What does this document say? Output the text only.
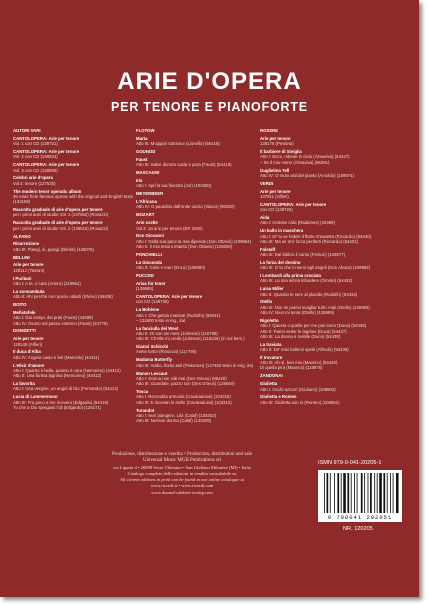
ARIE D'OPERA
PER TENORE E PIANOFORTE
AUTORI VARI
CANTOLOPERA: Arie per tenore
Vol. 1 con CD (138731)
CANTOLOPERA: Arie per tenore
Vol. 2 con CD (138824)
CANTOLOPERA: Arie per tenore
Vol. 3 con CD (138905)
Celebri arie d'opera
Vol.4: tenore (127535)
The modern tenor operatic album
35 Arias from famous operas with the original and English texts (133159)
Raccolta graduale di arie d'opera per tenore
per i primi anni di studio Vol. 1 (137652) (Rovazzi)
Raccolta graduale di arie d'opera per tenore
per i primi anni di studio Vol. 2 (138015) (Rovazzi)
ALFANO
Risurrezione
Atto III: Piangi, sì, piangi (Dimitri) (129076)
BELLINI
Arie per tenore
128112 (Tassini)
I Puritani
Atto I: A te, o cara (Arturo) (119964)
La sonnambula
Atto II: Ah! perchè non posso odiarti (Elvino) (56408)
BOITO
Mefistofele
Atto I: Dai campi, dai prati (Faust) (44698)
Atto IV: Giunto sul passo estremo (Faust) (44776)
DONIZETTI
Arie per tenore
128149 (Alfieri)
Il duca d'Alba
Atto IV: Angelo casto e bel (Marcello) (44411)
L'elisir d'amore
Atto I: Quanto è bella, quanto è cara (Nemorino) (44412)
Atto II: Una furtiva lagrima (Nemorino) (44412)
La favorita
Atto I: Una vergine, un angel di Dio (Fernando) (54413)
Lucia di Lammermoor
Atto III: Fra poco a me ricovero (Edgardo) (54415)
Tu che a Dio spiegasti l'ali (Edgardo) (126171)
FLOTOW
Marta
Atto III: M'appari tutt'amor (Lionello) (55418)
GOUNOD
Faust
Atto III: Salve dimora casta e pura (Faust) (54419)
MASCAGNI
Iris
Atto I: Apri la tua finestra (Jor) (102300)
MEYERBEER
L'Africana
Atto IV: O paradiso dall'onde uscito (Vasco) (96280)
MOZART
Arie scelte
Vol.3: 18 arie per tenore (ER 2290)
Don Giovanni
Atto I: Dalla sua pace la mia dipende (Don Ottavio) (109664)
Atto II: Il mio tesoro intanto (Don Ottavio) (126000)
PONCHIELLI
La Gioconda
Atto II: Cielo e mar! (Enzo) (109980)
PUCCINI
Arias for tenor
(139585)
CANTOLOPERA: Arie per tenore
con CD (138739)
La Bohème
Atto I: Che gelida manina! (Rodolfo) (96041)
– 132900 testo in ing., ital.
La fanciulla del West
Atto II: Or son sei mesi (Johnson) (115789)
Atto III: Ch'ella mi creda (Johnson) (115226) (in sol bem.)
Gianni Schicchi
Avete torto! (Rinuccio) (117790)
Madama Butterfly
Atto III: Addio, fiorito asil (Pinkerton) (127453 testo in eng, ita)
Manon Lescaut
Atto I: Donna non vidi mai (Des Grieux) (96428)
Atto III: Guardate, pazzo son (Des Grieux) (125560)
Tosca
Atto I: Recondita armonia (Cavaradossi) (103315)
Atto III: E lucevan le stelle (Cavaradossi) (103315)
Turandot
Atto I: Non piangere, Liù! (Calaf) (120202)
Atto III: Nessun dorma (Calaf) (120205)
ROSSINI
Arie per tenore
138175 (Pessina)
Il barbiere di Siviglia
Atto I: Ecco, ridente in cielo (Almaviva) (54427)
– Se il mio nome (Almaviva) (96281)
Guglielmo Tell
Atto IV: O muto asil del pianto (Arnoldo) (109974)
VERDI
Arie per tenore
137811 (Alfieri)
CANTOLOPERA: Arie per tenore
con CD (138726)
Aida
Atto I: Celeste Aida (Radames) (42489)
Un ballo in maschera
Atto I: Di' tu se fedele il flutto m'aspetta (Riccardo) (54430)
Atto III: Ma se m'è forza perderti (Riccardo) (54431)
Falstaff
Atto III: Dal labbro il canto (Fenton) (125877)
La forza del destino
Atto III: O tu che in seno agli angeli (Don Alvaro) (109982)
I Lombardi alla prima crociata
Atto III: La mia letizia infondere (Oronte) (54432)
Luisa Miller
Atto II: Quando le sere al placido (Rodolfo) (54434)
Otello
Atto III: Dio! mi potevi scagliar tutti i mali (Otello) (125993)
Atto IV: Niun mi tema (Otello) (125989)
Rigoletto
Atto I: Questa o quella per me pari sono (Duca) (54436)
Atto II: Parmi veder le lagrime (Duca) (54437)
Atto III: La donna è mobile (Duca) (54438)
La traviata
Atto II: De' miei bollenti spiriti (Alfredo) (54439)
Il trovatore
Atto III: Ah sì, ben mio (Manrico) (54440)
Di quella pira (Manrico) (119975)
ZANDONAI
Giulietta
Atto I: Occhi azzurri (Giuliano) (109804)
Giulietta e Romeo
Atto III: Giulietta son io (Romeo) (106861)
Produzione, distribuzione e vendita • Production, distribution and sale
Universal Music MGB Publications srl
via Liguria 4 • 20098 Sesto Ulteriano • San Giuliano Milanese (MI) • Italia
Catalogo completo delle edizioni in vendita consultabile su
All current editions in print can be found in our online catalogue at
www.ricordi.it • www.ricordi.com
www.durand-salabert-eschig.com
ISMN 979-0-041-20205-1
9 790041 202051
NR. 120205
